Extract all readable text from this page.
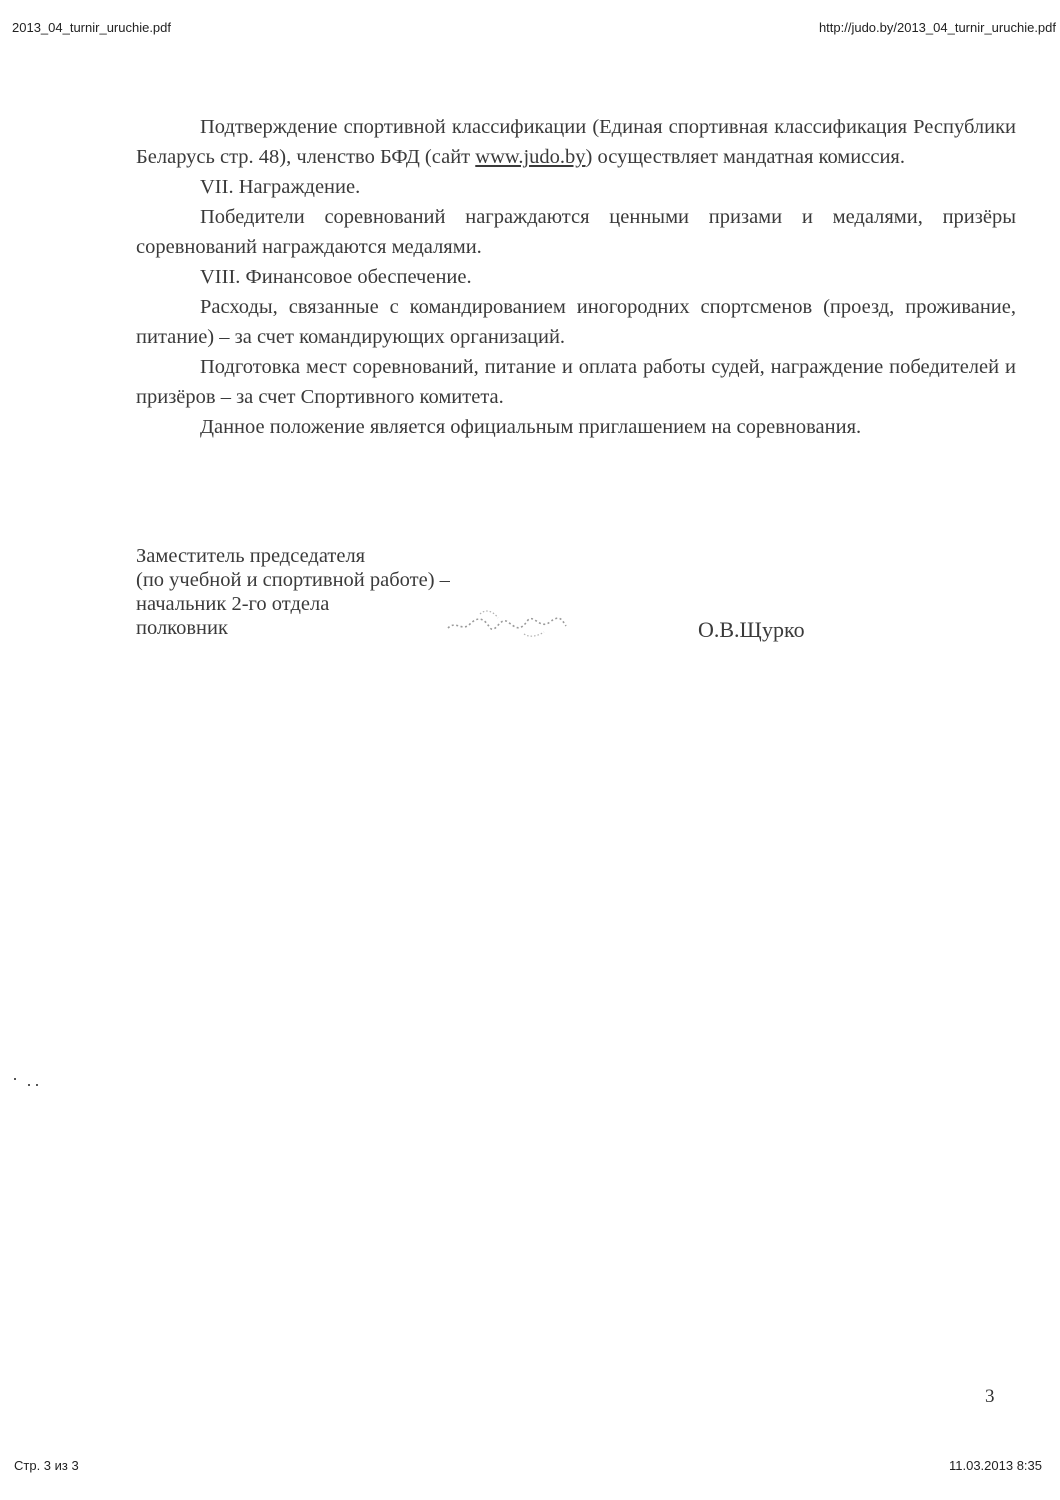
2013_04_turnir_uruchie.pdf	http://judo.by/2013_04_turnir_uruchie.pdf

Подтверждение спортивной классификации (Единая спортивная классификация Республики Беларусь стр. 48), членство БФД (сайт www.judo.by) осуществляет мандатная комиссия.

VII. Награждение.

Победители соревнований награждаются ценными призами и медалями, призёры соревнований награждаются медалями.

VIII. Финансовое обеспечение.

Расходы, связанные с командированием иногородних спортсменов (проезд, проживание, питание) – за счет командирующих организаций.

Подготовка мест соревнований, питание и оплата работы судей, награждение победителей и призёров – за счет Спортивного комитета.

Данное положение является официальным приглашением на соревнования.

Заместитель председателя

(по учебной и спортивной работе) –

начальник 2-го отдела

полковник	О.В.Щурко
3
Стр. 3 из 3	11.03.2013 8:35
